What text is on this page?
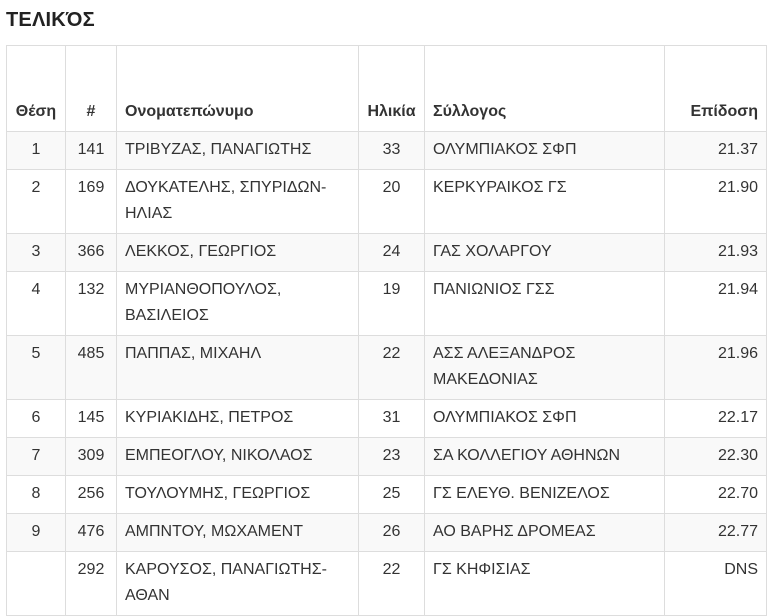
ΤΕΛΙΚΌΣ
Θέση	#	Ονοματεπώνυμο	Ηλικία	Σύλλογος	Επίδοση
1	141	ΤΡΙΒΥΖΑΣ, ΠΑΝΑΓΙΩΤΗΣ	33	ΟΛΥΜΠΙΑΚΟΣ ΣΦΠ	21.37
2	169	ΔΟΥΚΑΤΕΛΗΣ, ΣΠΥΡΙΔΩΝ-ΗΛΙΑΣ	20	ΚΕΡΚΥΡΑΙΚΟΣ ΓΣ	21.90
3	366	ΛΕΚΚΟΣ, ΓΕΩΡΓΙΟΣ	24	ΓΑΣ ΧΟΛΑΡΓΟΥ	21.93
4	132	ΜΥΡΙΑΝΘΟΠΟΥΛΟΣ, ΒΑΣΙΛΕΙΟΣ	19	ΠΑΝΙΩΝΙΟΣ ΓΣΣ	21.94
5	485	ΠΑΠΠΑΣ, ΜΙΧΑΗΛ	22	ΑΣΣ ΑΛΕΞΑΝΔΡΟΣ ΜΑΚΕΔΟΝΙΑΣ	21.96
6	145	ΚΥΡΙΑΚΙΔΗΣ, ΠΕΤΡΟΣ	31	ΟΛΥΜΠΙΑΚΟΣ ΣΦΠ	22.17
7	309	ΕΜΠΕΟΓΛΟΥ, ΝΙΚΟΛΑΟΣ	23	ΣΑ ΚΟΛΛΕΓΙΟΥ ΑΘΗΝΩΝ	22.30
8	256	ΤΟΥΛΟΥΜΗΣ, ΓΕΩΡΓΙΟΣ	25	ΓΣ ΕΛΕΥΘ. ΒΕΝΙΖΕΛΟΣ	22.70
9	476	ΑΜΠΝΤΟΥ, ΜΩΧΑΜΕΝΤ	26	ΑΟ ΒΑΡΗΣ ΔΡΟΜΕΑΣ	22.77
	292	ΚΑΡΟΥΣΟΣ, ΠΑΝΑΓΙΩΤΗΣ-ΑΘΑΝ	22	ΓΣ ΚΗΦΙΣΙΑΣ	DNS
